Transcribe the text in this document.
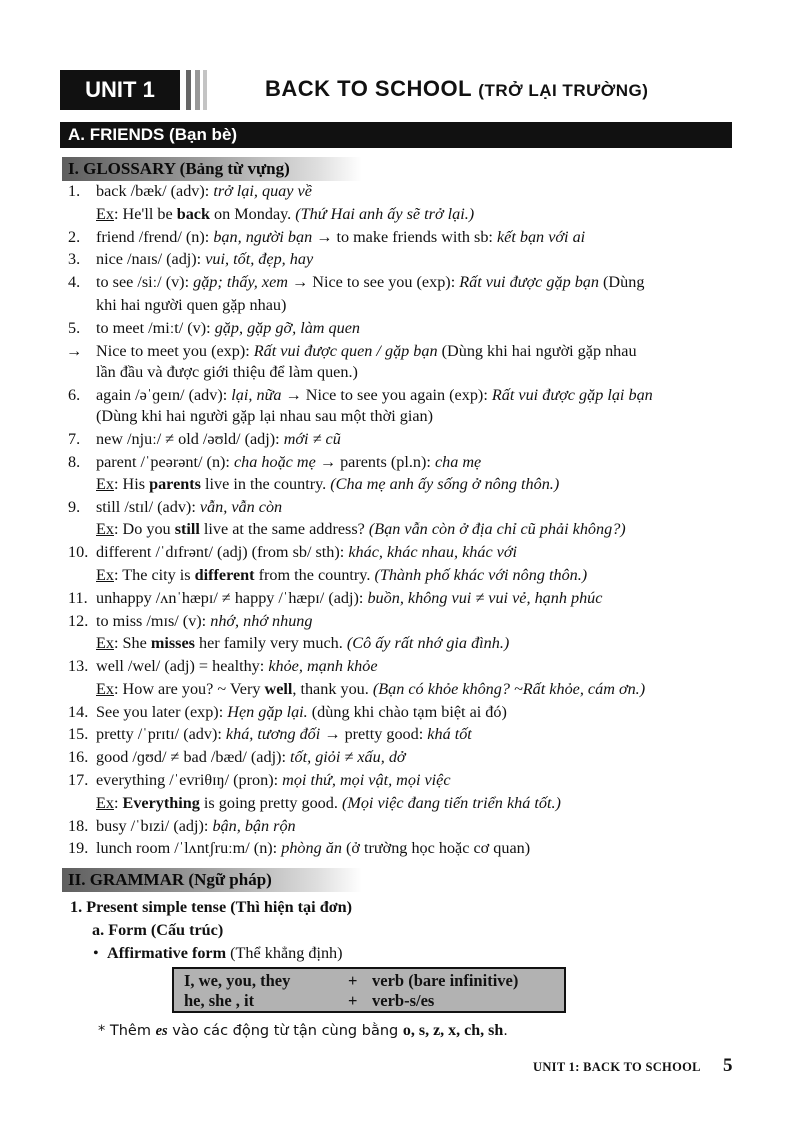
UNIT 1	BACK TO SCHOOL (TRỞ LẠI TRƯỜNG)
A. FRIENDS (Bạn bè)
I. GLOSSARY (Bảng từ vựng)
1. back /bæk/ (adv): trở lại, quay về
Ex: He'll be back on Monday. (Thứ Hai anh ấy sẽ trở lại.)
2. friend /frend/ (n): bạn, người bạn → to make friends with sb: kết bạn với ai
3. nice /naɪs/ (adj): vui, tốt, đẹp, hay
4. to see /siː/ (v): gặp; thấy, xem → Nice to see you (exp): Rất vui được gặp bạn (Dùng
khi hai người quen gặp nhau)
5. to meet /miːt/ (v): gặp, gặp gỡ, làm quen
→ Nice to meet you (exp): Rất vui được quen / gặp bạn (Dùng khi hai người gặp nhau
lần đầu và được giới thiệu để làm quen.)
6. again /əˈɡeɪn/ (adv): lại, nữa → Nice to see you again (exp): Rất vui được gặp lại bạn
(Dùng khi hai người gặp lại nhau sau một thời gian)
7. new /njuː/ ≠ old /əʊld/ (adj): mới ≠ cũ
8. parent /ˈpeərənt/ (n): cha hoặc mẹ → parents (pl.n): cha mẹ
Ex: His parents live in the country. (Cha mẹ anh ấy sống ở nông thôn.)
9. still /stɪl/ (adv): vẫn, vẫn còn
Ex: Do you still live at the same address? (Bạn vẫn còn ở địa chỉ cũ phải không?)
10. different /ˈdɪfrənt/ (adj) (from sb/ sth): khác, khác nhau, khác với
Ex: The city is different from the country. (Thành phố khác với nông thôn.)
11. unhappy /ʌnˈhæpɪ/ ≠ happy /ˈhæpɪ/ (adj): buồn, không vui ≠ vui vẻ, hạnh phúc
12. to miss /mɪs/ (v): nhớ, nhớ nhung
Ex: She misses her family very much. (Cô ấy rất nhớ gia đình.)
13. well /wel/ (adj) = healthy: khỏe, mạnh khỏe
Ex: How are you? ~ Very well, thank you. (Bạn có khỏe không? ~Rất khỏe, cám ơn.)
14. See you later (exp): Hẹn gặp lại. (dùng khi chào tạm biệt ai đó)
15. pretty /ˈprɪtɪ/ (adv): khá, tương đối → pretty good: khá tốt
16. good /ɡʊd/ ≠ bad /bæd/ (adj): tốt, giỏi ≠ xấu, dở
17. everything /ˈevriθɪŋ/ (pron): mọi thứ, mọi vật, mọi việc
Ex: Everything is going pretty good. (Mọi việc đang tiến triển khá tốt.)
18. busy /ˈbɪzi/ (adj): bận, bận rộn
19. lunch room /ˈlʌntʃruːm/ (n): phòng ăn (ở trường học hoặc cơ quan)
II. GRAMMAR (Ngữ pháp)
1. Present simple tense (Thì hiện tại đơn)
a. Form (Cấu trúc)
• Affirmative form (Thể khẳng định)
I, we, you, they	+ verb (bare infinitive)
he, she , it	+ verb-s/es
* Thêm es vào các động từ tận cùng bằng o, s, z, x, ch, sh.
UNIT 1: BACK TO SCHOOL 5
